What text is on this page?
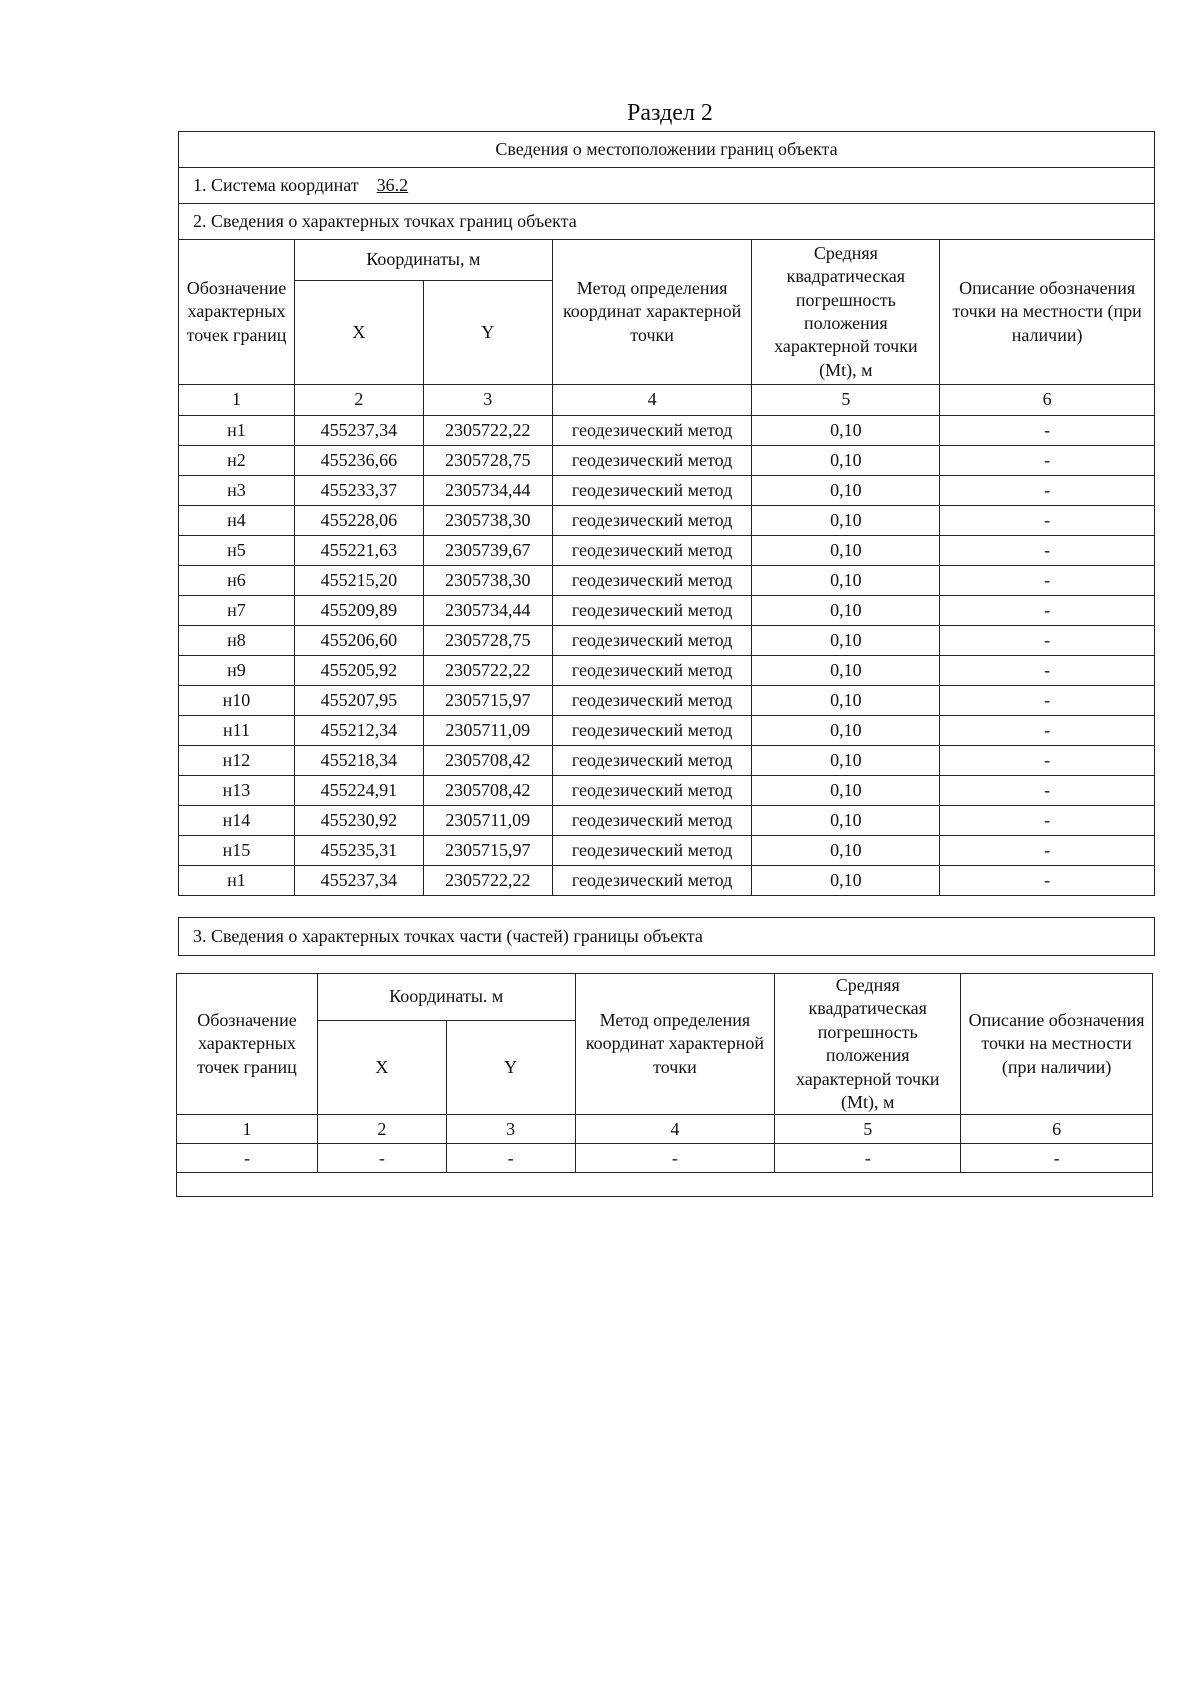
Раздел 2
Сведения о местоположении границ объекта					
1. Система координат 36.2					
2. Сведения о характерных точках границ объекта					
Обозначение характерных точек границ	Координаты, м		Метод определения координат характерной точки	Средняя квадратическая погрешность положения характерной точки (Mt), м	Описание обозначения точки на местности (при наличии)
	X	Y			
1	2	3	4	5	6
н1	455237,34	2305722,22	геодезический метод	0,10	-
н2	455236,66	2305728,75	геодезический метод	0,10	-
н3	455233,37	2305734,44	геодезический метод	0,10	-
н4	455228,06	2305738,30	геодезический метод	0,10	-
н5	455221,63	2305739,67	геодезический метод	0,10	-
н6	455215,20	2305738,30	геодезический метод	0,10	-
н7	455209,89	2305734,44	геодезический метод	0,10	-
н8	455206,60	2305728,75	геодезический метод	0,10	-
н9	455205,92	2305722,22	геодезический метод	0,10	-
н10	455207,95	2305715,97	геодезический метод	0,10	-
н11	455212,34	2305711,09	геодезический метод	0,10	-
н12	455218,34	2305708,42	геодезический метод	0,10	-
н13	455224,91	2305708,42	геодезический метод	0,10	-
н14	455230,92	2305711,09	геодезический метод	0,10	-
н15	455235,31	2305715,97	геодезический метод	0,10	-
н1	455237,34	2305722,22	геодезический метод	0,10	-
3. Сведения о характерных точках части (частей) границы объекта
Обозначение характерных точек границ	Координаты. м		Метод определения координат характерной точки	Средняя квадратическая погрешность положения характерной точки (Mt), м	Описание обозначения точки на местности (при наличии)
	X	Y			
1	2	3	4	5	6
-	-	-	-	-	-
